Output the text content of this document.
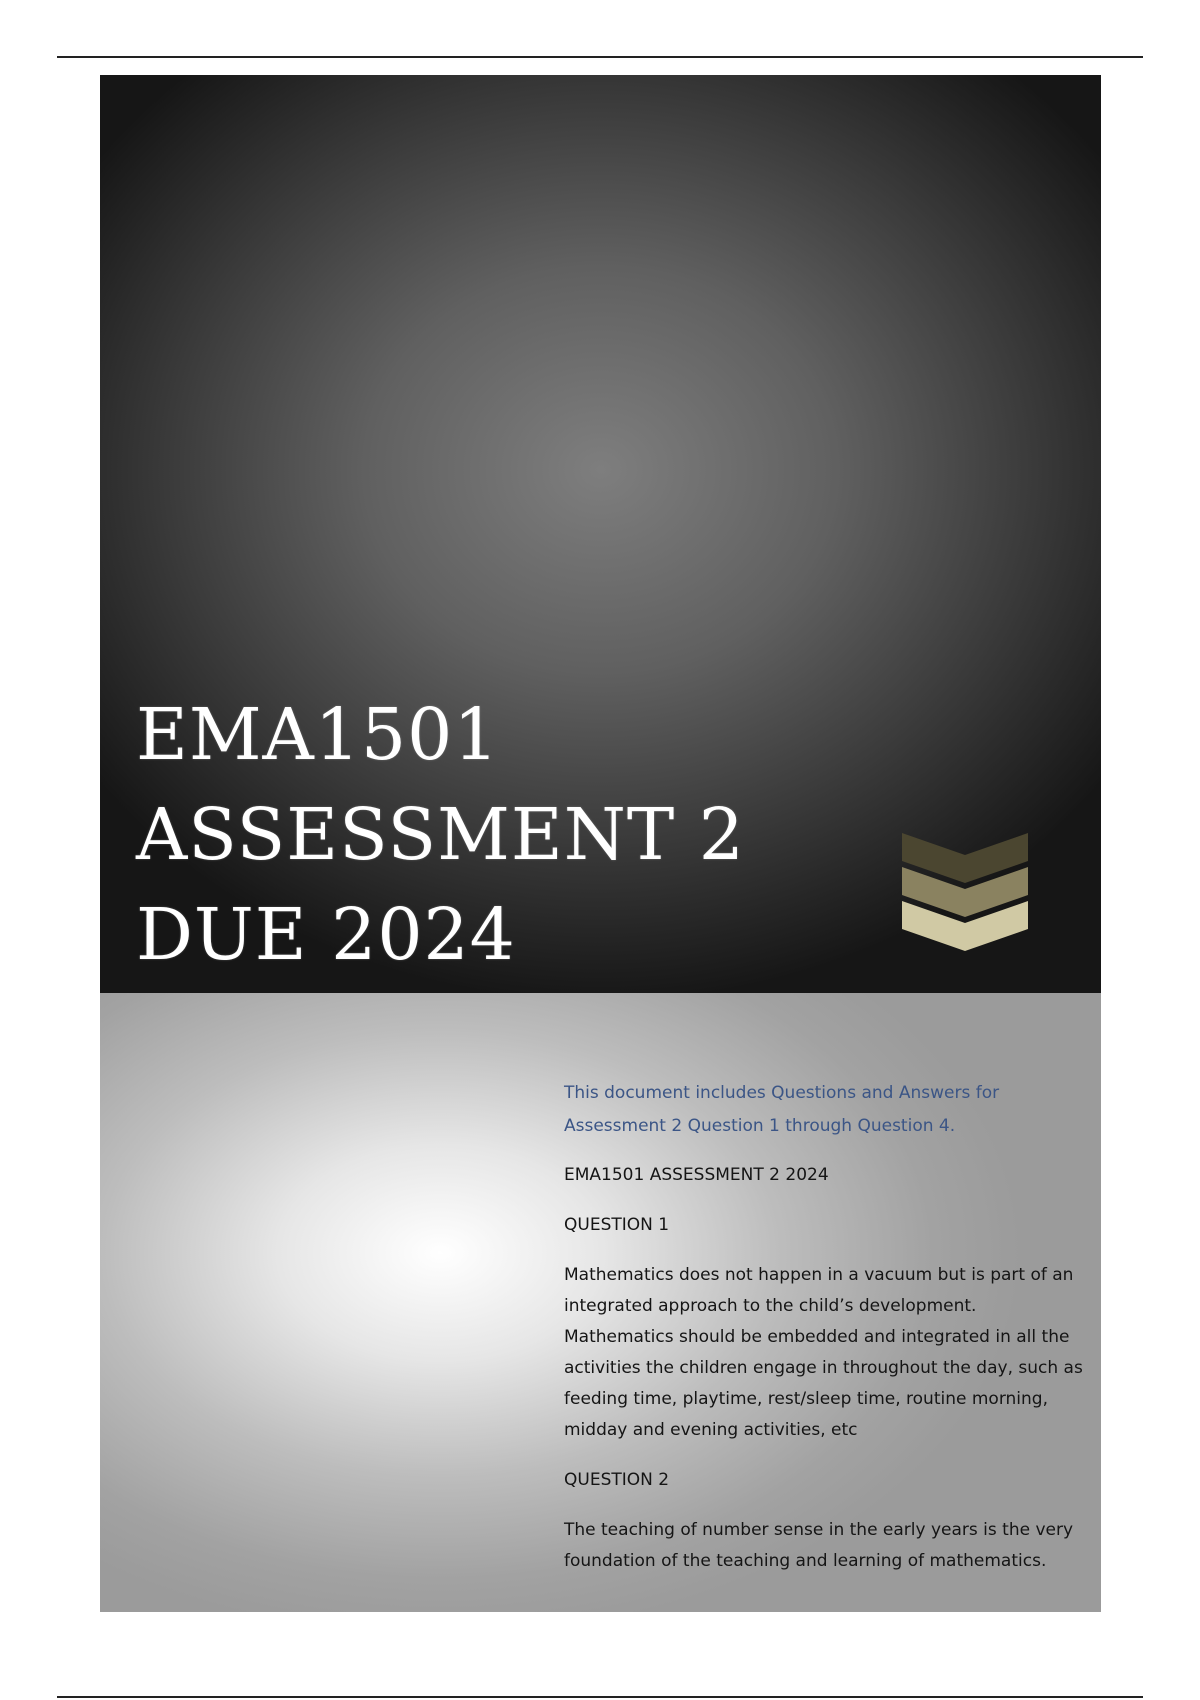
EMA1501
ASSESSMENT 2
DUE 2024

This document includes Questions and Answers for Assessment 2 Question 1 through Question 4.

EMA1501 ASSESSMENT 2 2024

QUESTION 1

Mathematics does not happen in a vacuum but is part of an integrated approach to the child’s development. Mathematics should be embedded and integrated in all the activities the children engage in throughout the day, such as feeding time, playtime, rest/sleep time, routine morning, midday and evening activities, etc

QUESTION 2

The teaching of number sense in the early years is the very foundation of the teaching and learning of mathematics.
